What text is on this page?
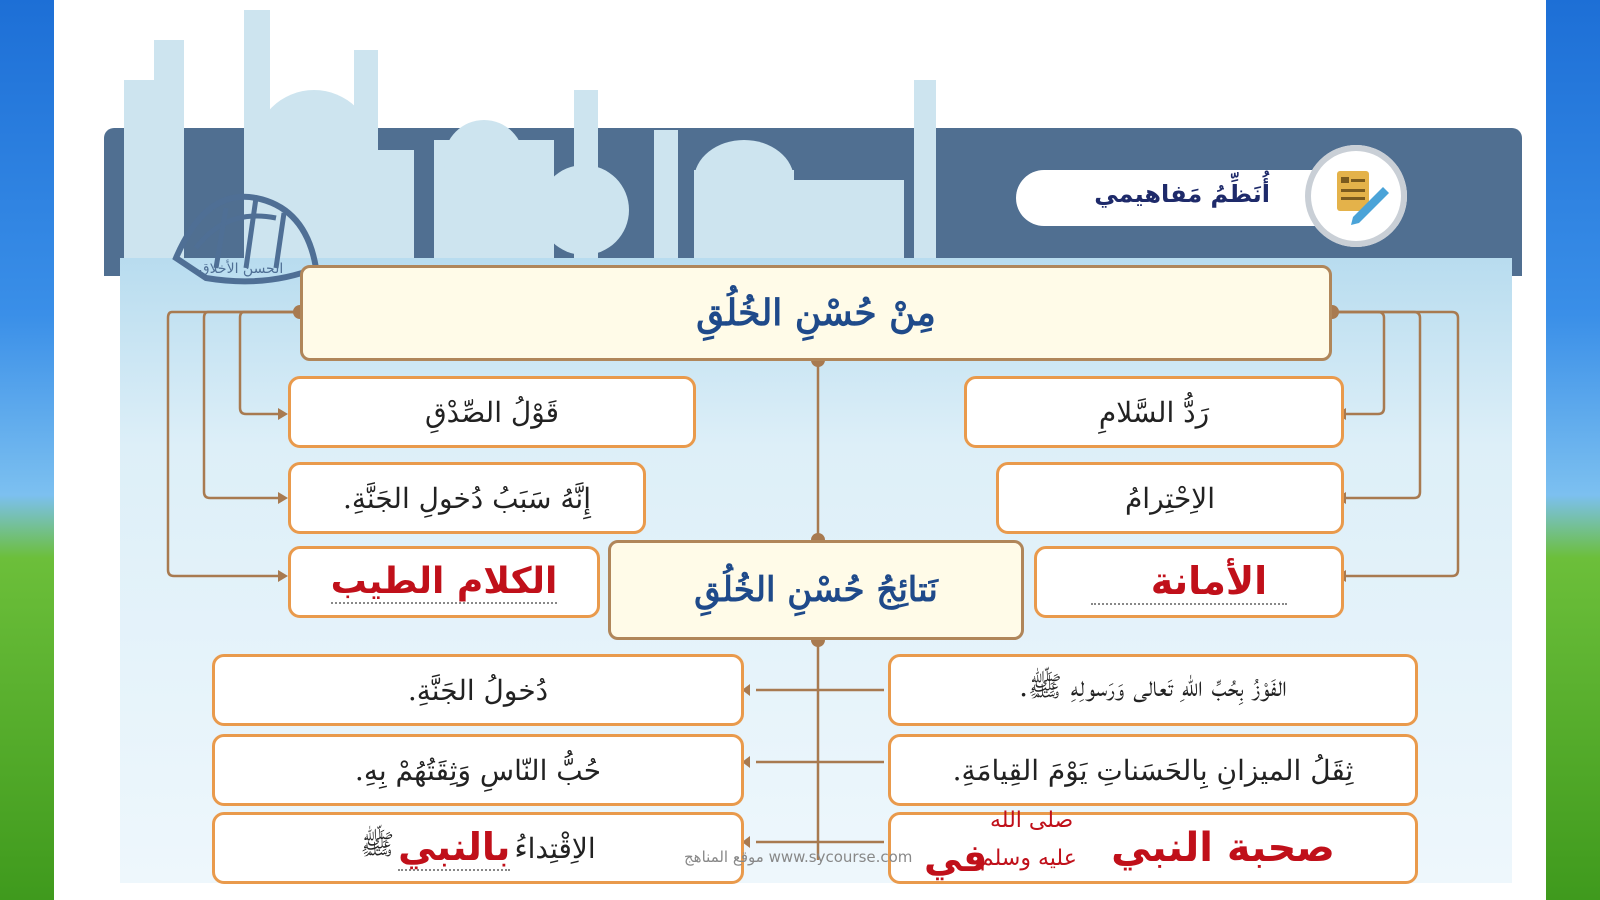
أُنَظِّمُ مَفاهيمي
الحسن الأخلاق
مِنْ حُسْنِ الخُلُقِ
قَوْلُ الصِّدْقِ
إِنَّهُ سَبَبُ دُخولِ الجَنَّةِ.
الكلام الطيب
رَدُّ السَّلامِ
الاِحْتِرامُ
الأمانة
نَتائِجُ حُسْنِ الخُلُقِ
دُخولُ الجَنَّةِ.
حُبُّ النّاسِ وَثِقَتُهُمْ بِهِ.
الاِقْتِداءُ
بالنبي
ﷺ
الفَوْزُ بِحُبِّ اللّٰهِ تَعالى وَرَسولِهِ ﷺ.
ثِقَلُ الميزانِ بِالحَسَناتِ يَوْمَ القِيامَةِ.
صحبة النبي
صلى الله
عليه وسلم
في
موقع المناهج www.sycourse.com
